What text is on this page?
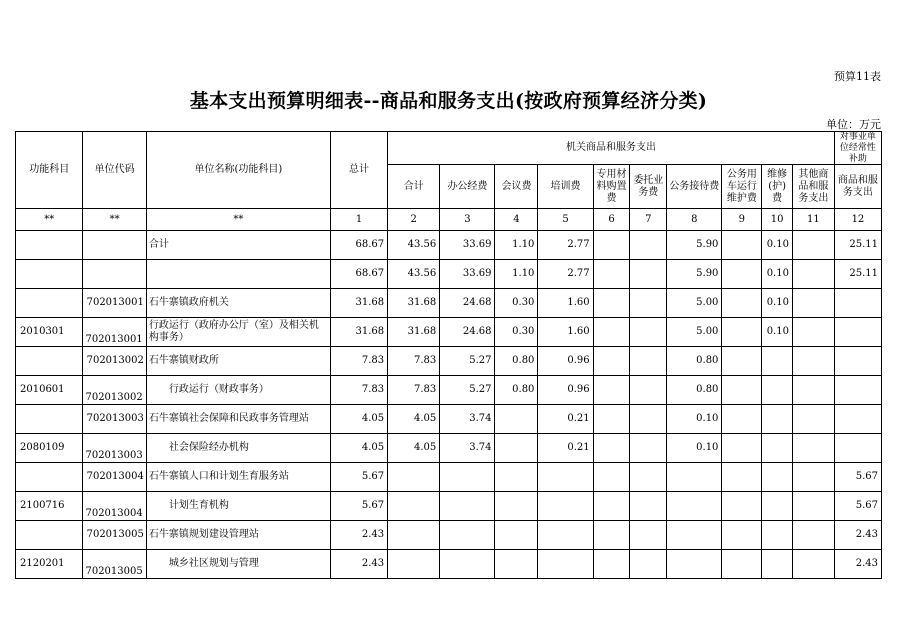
预算11表
基本支出预算明细表--商品和服务支出(按政府预算经济分类)
单位：万元
功能科目	单位代码	单位名称(功能科目)	总计	机关商品和服务支出										对事业单位经常性补助
				合计	办公经费	会议费	培训费	专用材料购置费	委托业务费	公务接待费	公务用车运行维护费	维修(护)费	其他商品和服务支出	商品和服务支出
**	**	**	1	2	3	4	5	6	7	8	9	10	11	12
		合计	68.67	43.56	33.69	1.10	2.77			5.90		0.10		25.11
			68.67	43.56	33.69	1.10	2.77			5.90		0.10		25.11
	702013001	石牛寨镇政府机关	31.68	31.68	24.68	0.30	1.60			5.00		0.10		
2010301	702013001	行政运行（政府办公厅（室）及相关机构事务）	31.68	31.68	24.68	0.30	1.60			5.00		0.10		
	702013002	石牛寨镇财政所	7.83	7.83	5.27	0.80	0.96			0.80				
2010601	702013002	行政运行（财政事务）	7.83	7.83	5.27	0.80	0.96			0.80				
	702013003	石牛寨镇社会保障和民政事务管理站	4.05	4.05	3.74		0.21			0.10				
2080109	702013003	社会保险经办机构	4.05	4.05	3.74		0.21			0.10				
	702013004	石牛寨镇人口和计划生育服务站	5.67											5.67
2100716	702013004	计划生育机构	5.67											5.67
	702013005	石牛寨镇规划建设管理站	2.43											2.43
2120201	702013005	城乡社区规划与管理	2.43											2.43
